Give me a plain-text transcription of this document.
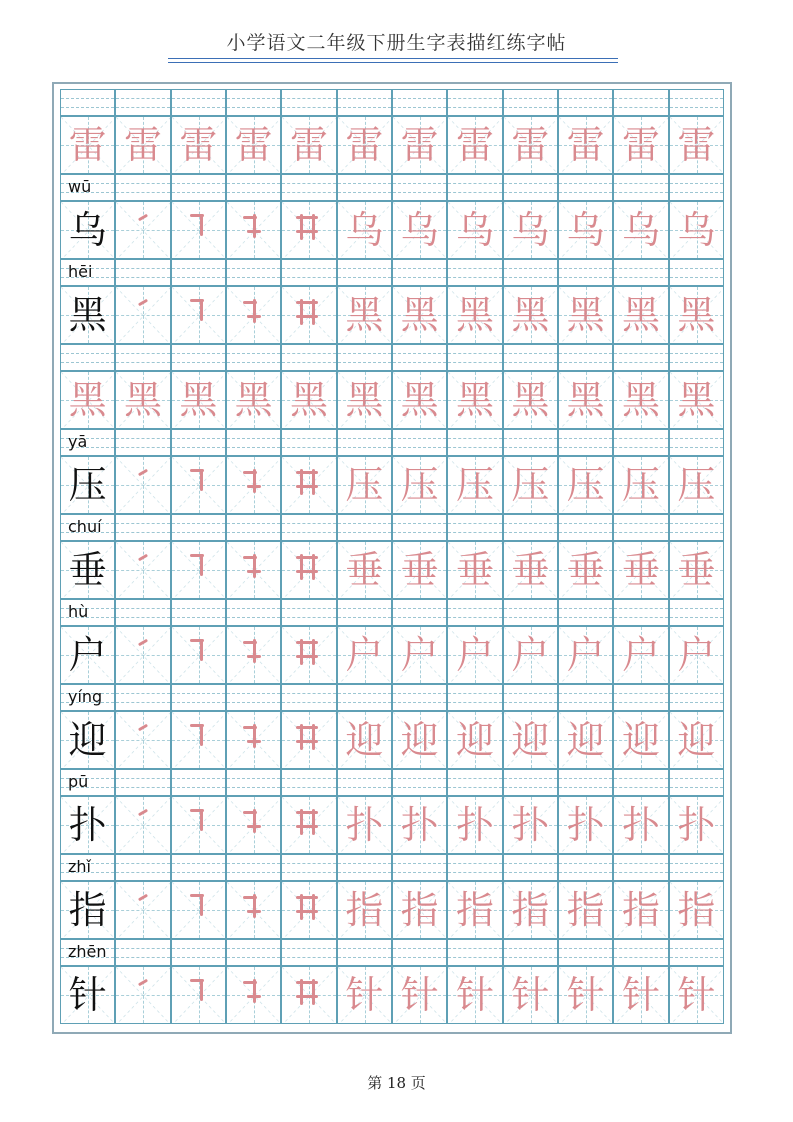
小学语文二年级下册生字表描红练字帖
雷 雷 雷 雷 雷 雷 雷 雷 雷 雷 雷 雷
wū
乌	乌 乌 乌 乌 乌 乌 乌
hēi
黑	黑 黑 黑 黑 黑 黑 黑
黑 黑 黑 黑 黑 黑 黑 黑 黑 黑 黑 黑
yā
压	压 压 压 压 压 压 压
chuí
垂	垂 垂 垂 垂 垂 垂 垂
hù
户	户 户 户 户 户 户 户
yíng
迎	迎 迎 迎 迎 迎 迎 迎
pū
扑	扑 扑 扑 扑 扑 扑 扑
zhǐ
指	指 指 指 指 指 指 指
zhēn
针	针 针 针 针 针 针 针
第 18 页
